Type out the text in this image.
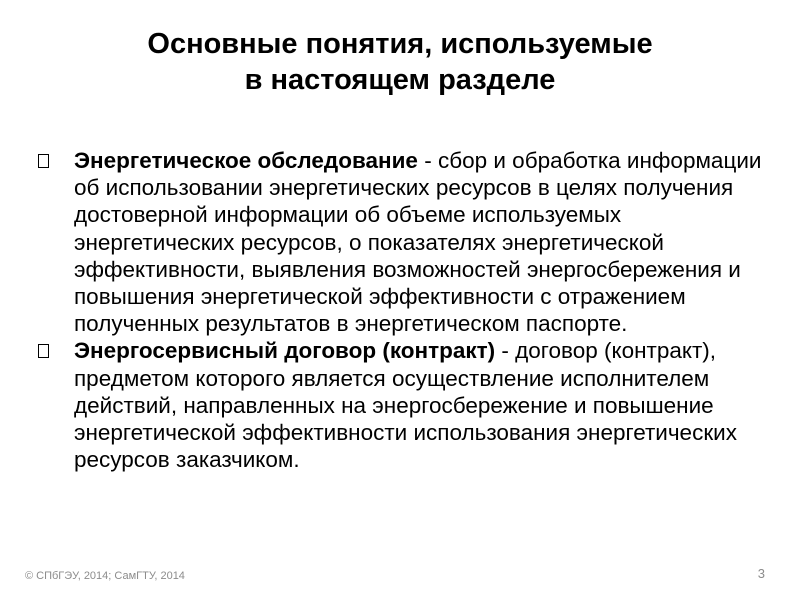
Основные понятия, используемые
в настоящем разделе
Энергетическое обследование - сбор и обработка информации об использовании энергетических ресурсов в целях получения достоверной информации об объеме используемых энергетических ресурсов, о показателях энергетической эффективности, выявления возможностей энергосбережения и повышения энергетической эффективности с отражением полученных результатов в энергетическом паспорте.
Энергосервисный договор (контракт) - договор (контракт), предметом которого является осуществление исполнителем действий, направленных на энергосбережение и повышение энергетической эффективности использования энергетических ресурсов заказчиком.
© СПбГЭУ, 2014; СамГТУ, 2014	3
